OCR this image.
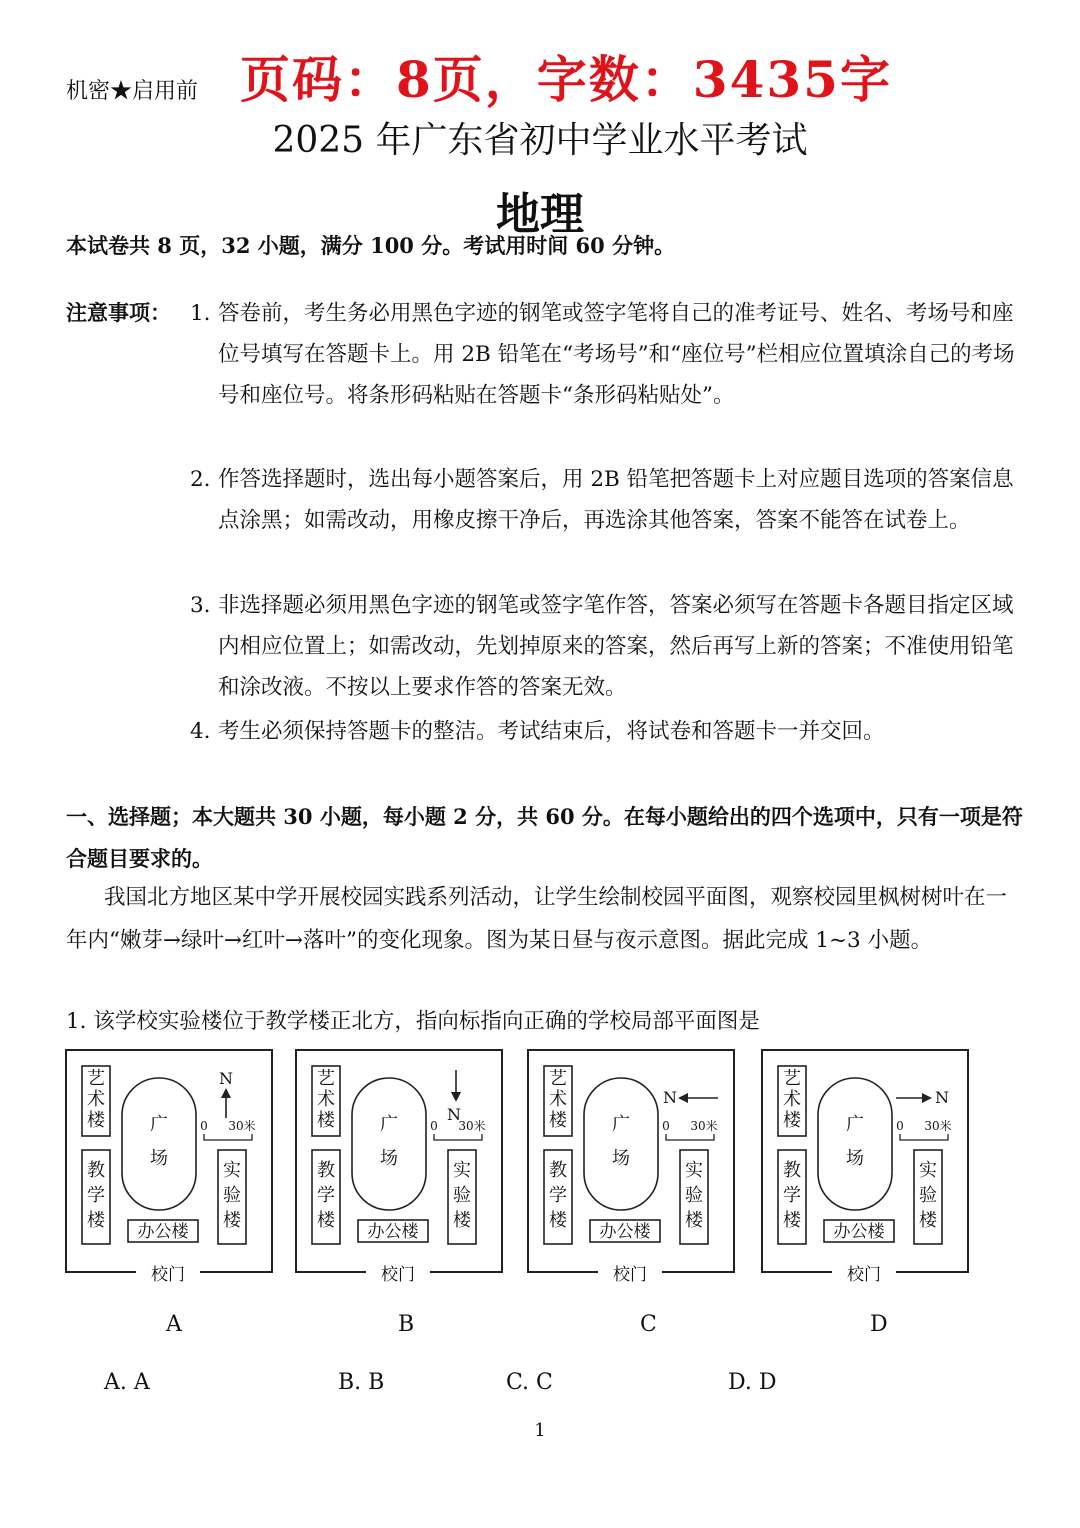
机密★启用前 页码：8页，字数：3435字
2025 年广东省初中学业水平考试
地理
本试卷共 8 页，32 小题，满分 100 分。考试用时间 60 分钟。
注意事项： 1. 答卷前，考生务必用黑色字迹的钢笔或签字笔将自己的准考证号、姓名、考场号和座位号填写在答题卡上。用 2B 铅笔在“考场号”和“座位号”栏相应位置填涂自己的考场号和座位号。将条形码粘贴在答题卡“条形码粘贴处”。
2. 作答选择题时，选出每小题答案后，用 2B 铅笔把答题卡上对应题目选项的答案信息点涂黑；如需改动，用橡皮擦干净后，再选涂其他答案，答案不能答在试卷上。
3. 非选择题必须用黑色字迹的钢笔或签字笔作答，答案必须写在答题卡各题目指定区域内相应位置上；如需改动，先划掉原来的答案，然后再写上新的答案；不准使用铅笔和涂改液。不按以上要求作答的答案无效。
4. 考生必须保持答题卡的整洁。考试结束后，将试卷和答题卡一并交回。
一、选择题；本大题共 30 小题，每小题 2 分，共 60 分。在每小题给出的四个选项中，只有一项是符合题目要求的。
我国北方地区某中学开展校园实践系列活动，让学生绘制校园平面图，观察校园里枫树树叶在一年内“嫩芽→绿叶→红叶→落叶”的变化现象。图为某日昼与夜示意图。据此完成 1~3 小题。
1. 该学校实验楼位于教学楼正北方，指向标指向正确的学校局部平面图是
校门
艺
术
楼
教
学
楼
实
验
楼
广
场
办公楼
0 30米
N
校门
艺
术
楼
教
学
楼
实
验
楼
广
场
办公楼
0 30米
N
校门
艺
术
楼
教
学
楼
实
验
楼
广
场
办公楼
0 30米
N
校门
艺
术
楼
教
学
楼
实
验
楼
广
场
办公楼
0 30米
N
A	B	C	D
A. A	B. B	C. C	D. D
1
